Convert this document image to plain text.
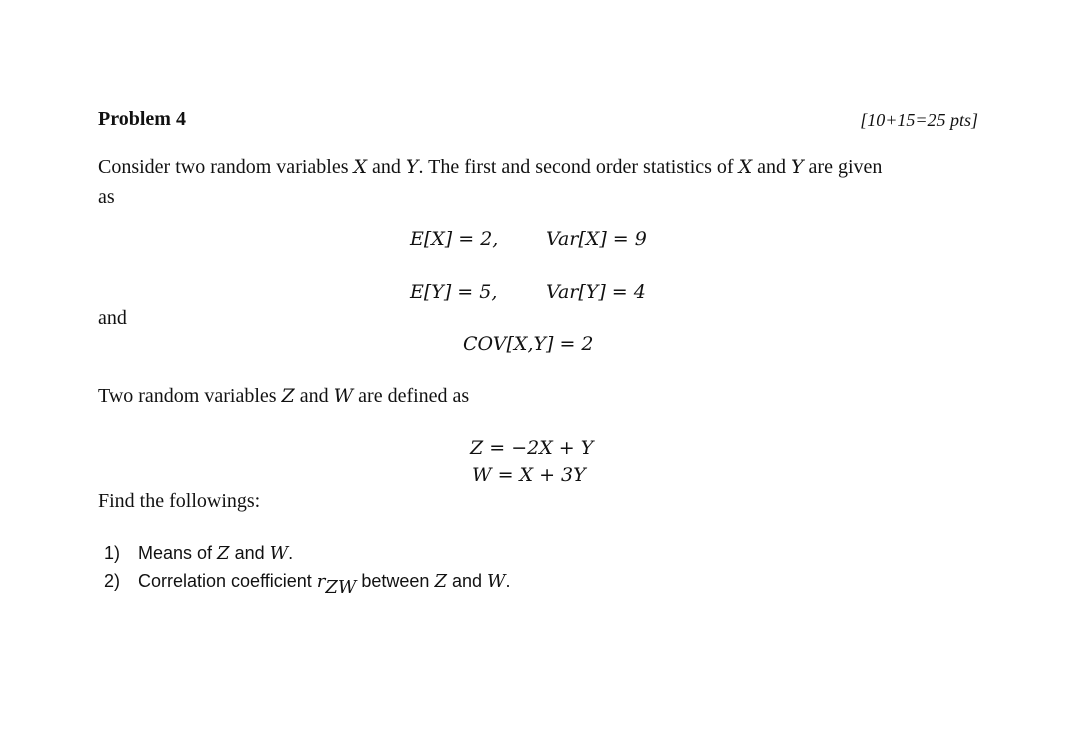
Problem 4	[10+15=25 pts]
Consider two random variables X and Y. The first and second order statistics of X and Y are given
as
E[X] = 2,	Var[X] = 9
E[Y] = 5,	Var[Y] = 4
and
COV[X,Y] = 2
Two random variables Z and W are defined as
Z = −2X + Y
W = X + 3Y
Find the followings:
1) Means of Z and W.
2) Correlation coefficient rZW between Z and W.
